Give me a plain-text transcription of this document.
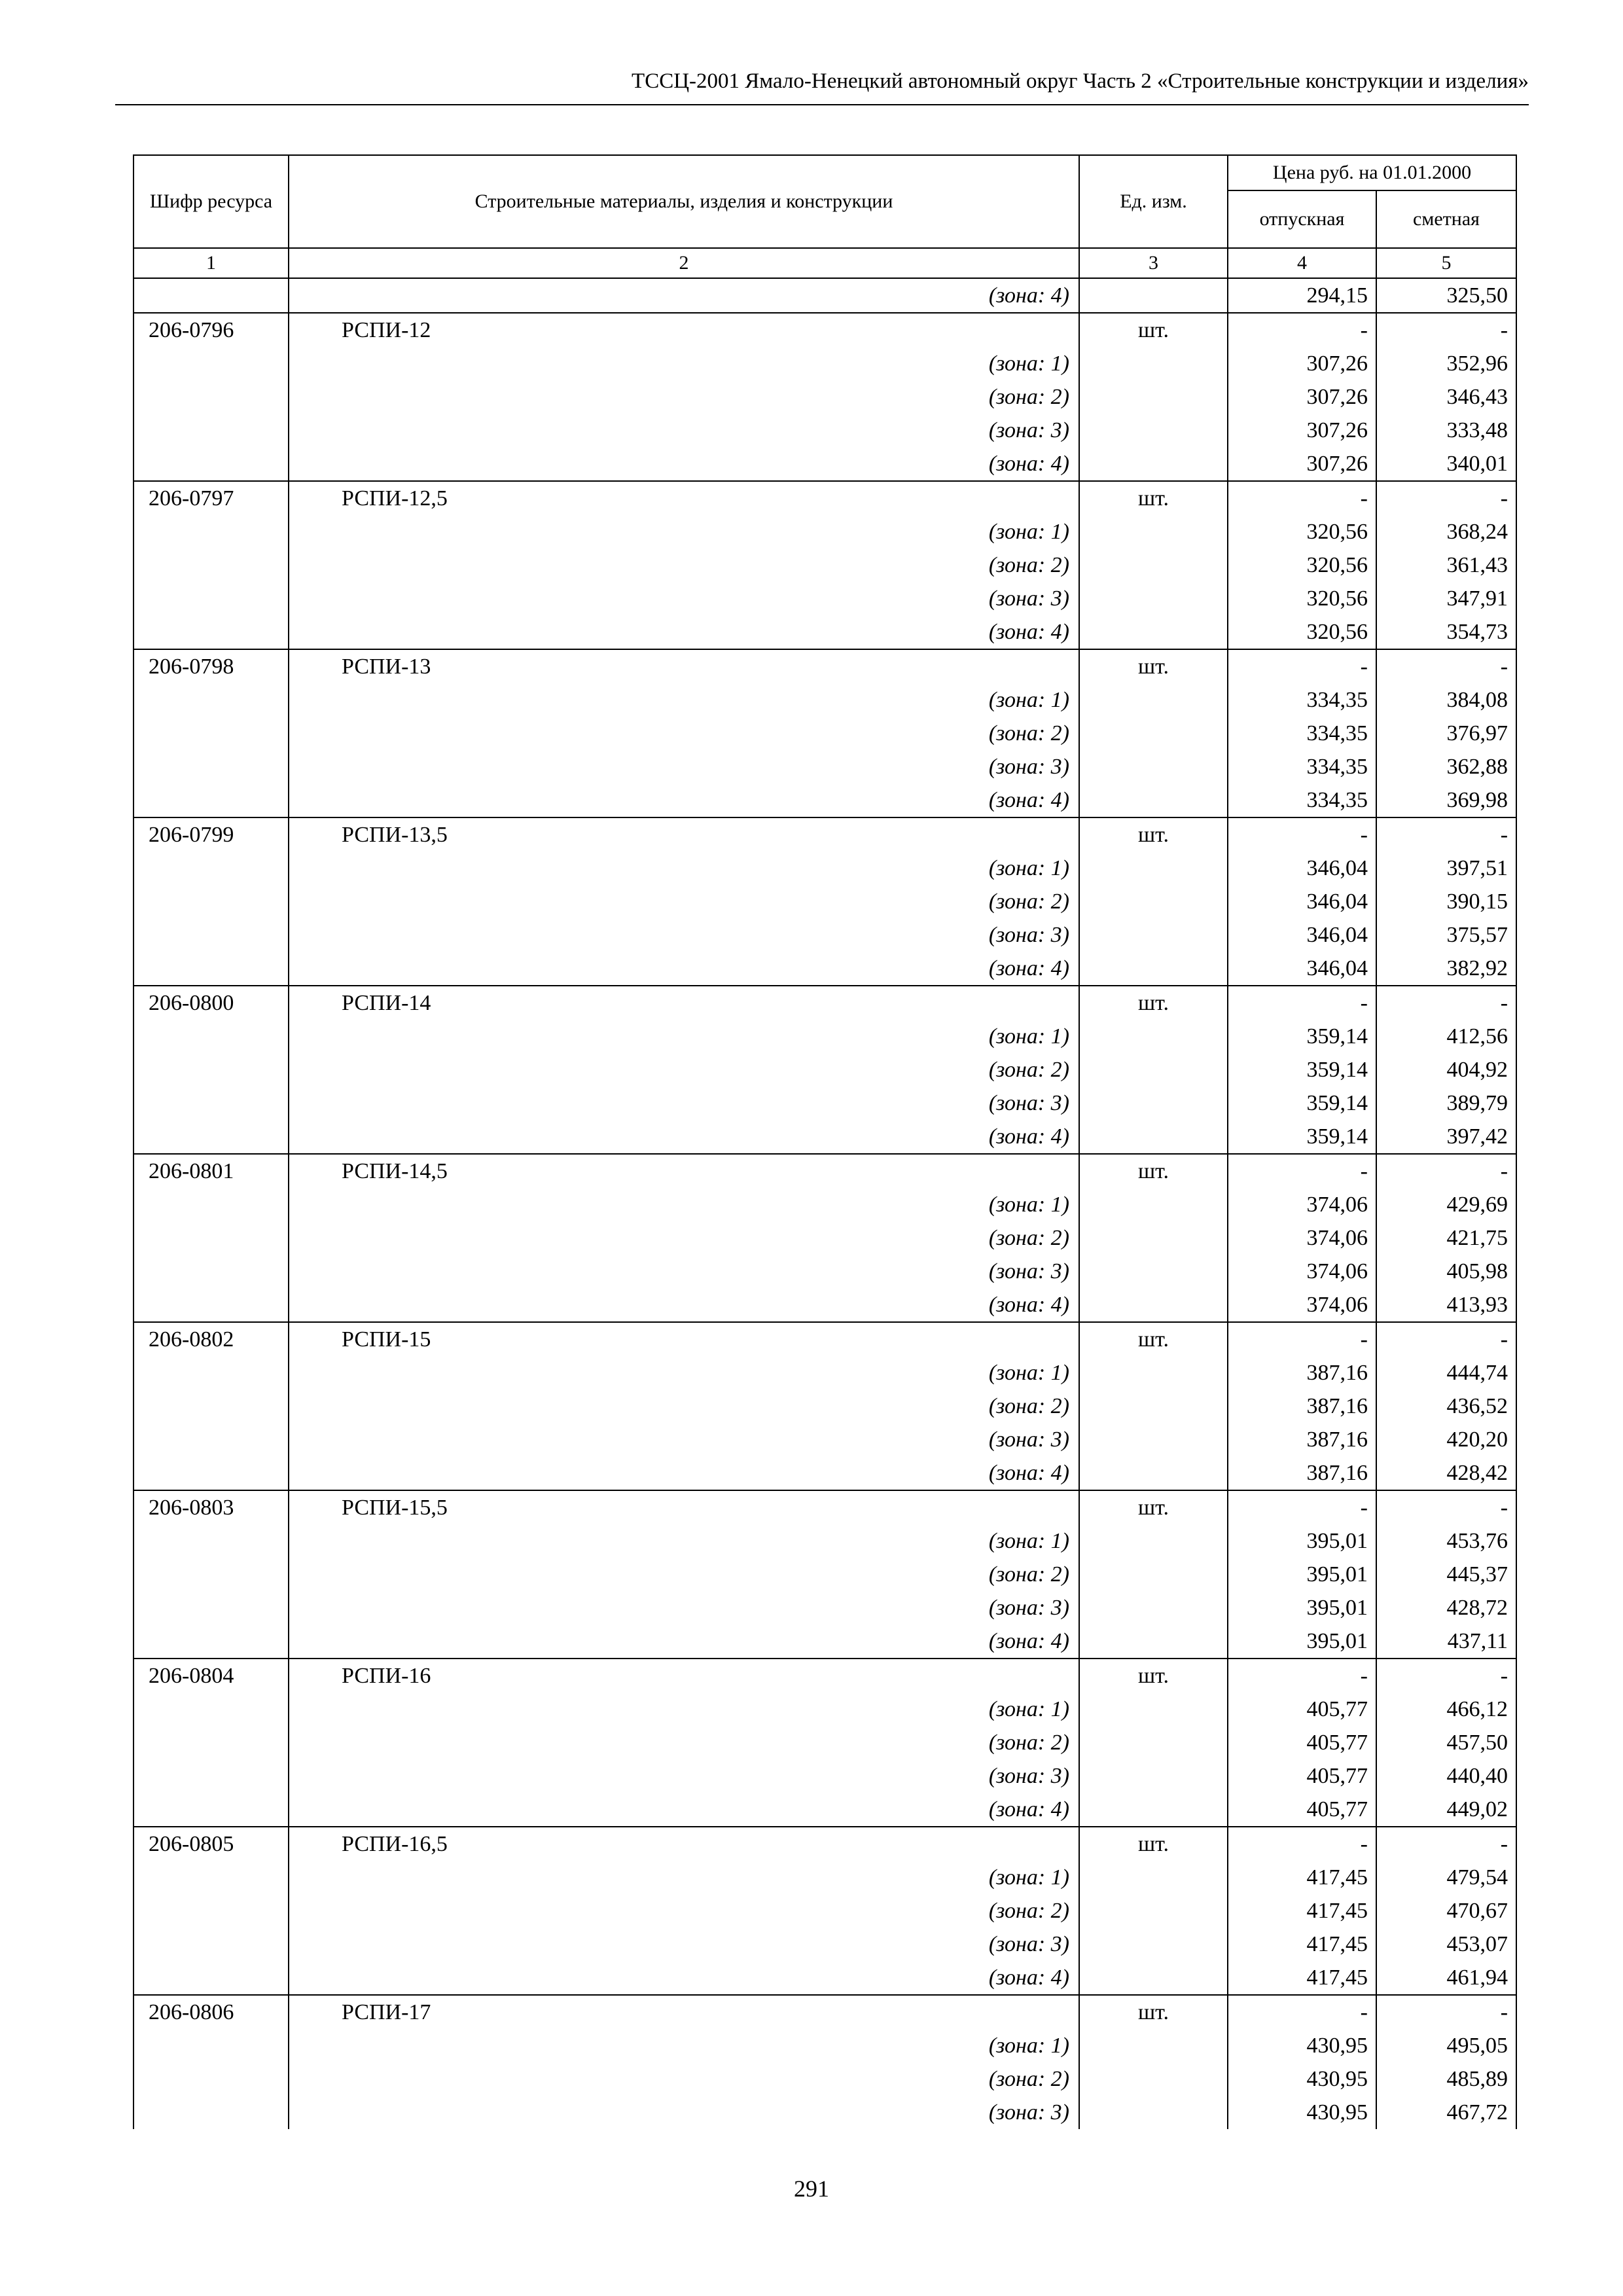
ТССЦ-2001 Ямало-Ненецкий автономный округ Часть 2 «Строительные конструкции и изделия»
Шифр ресурса	Строительные материалы, изделия и конструкции	Ед. изм.	Цена руб. на 01.01.2000	
			отпускная	сметная
1	2	3	4	5
	(зона: 4)		294,15	325,50
206-0796	РСПИ-12	шт.	-	-
	(зона: 1)		307,26	352,96
	(зона: 2)		307,26	346,43
	(зона: 3)		307,26	333,48
	(зона: 4)		307,26	340,01
206-0797	РСПИ-12,5	шт.	-	-
	(зона: 1)		320,56	368,24
	(зона: 2)		320,56	361,43
	(зона: 3)		320,56	347,91
	(зона: 4)		320,56	354,73
206-0798	РСПИ-13	шт.	-	-
	(зона: 1)		334,35	384,08
	(зона: 2)		334,35	376,97
	(зона: 3)		334,35	362,88
	(зона: 4)		334,35	369,98
206-0799	РСПИ-13,5	шт.	-	-
	(зона: 1)		346,04	397,51
	(зона: 2)		346,04	390,15
	(зона: 3)		346,04	375,57
	(зона: 4)		346,04	382,92
206-0800	РСПИ-14	шт.	-	-
	(зона: 1)		359,14	412,56
	(зона: 2)		359,14	404,92
	(зона: 3)		359,14	389,79
	(зона: 4)		359,14	397,42
206-0801	РСПИ-14,5	шт.	-	-
	(зона: 1)		374,06	429,69
	(зона: 2)		374,06	421,75
	(зона: 3)		374,06	405,98
	(зона: 4)		374,06	413,93
206-0802	РСПИ-15	шт.	-	-
	(зона: 1)		387,16	444,74
	(зона: 2)		387,16	436,52
	(зона: 3)		387,16	420,20
	(зона: 4)		387,16	428,42
206-0803	РСПИ-15,5	шт.	-	-
	(зона: 1)		395,01	453,76
	(зона: 2)		395,01	445,37
	(зона: 3)		395,01	428,72
	(зона: 4)		395,01	437,11
206-0804	РСПИ-16	шт.	-	-
	(зона: 1)		405,77	466,12
	(зона: 2)		405,77	457,50
	(зона: 3)		405,77	440,40
	(зона: 4)		405,77	449,02
206-0805	РСПИ-16,5	шт.	-	-
	(зона: 1)		417,45	479,54
	(зона: 2)		417,45	470,67
	(зона: 3)		417,45	453,07
	(зона: 4)		417,45	461,94
206-0806	РСПИ-17	шт.	-	-
	(зона: 1)		430,95	495,05
	(зона: 2)		430,95	485,89
	(зона: 3)		430,95	467,72
291
